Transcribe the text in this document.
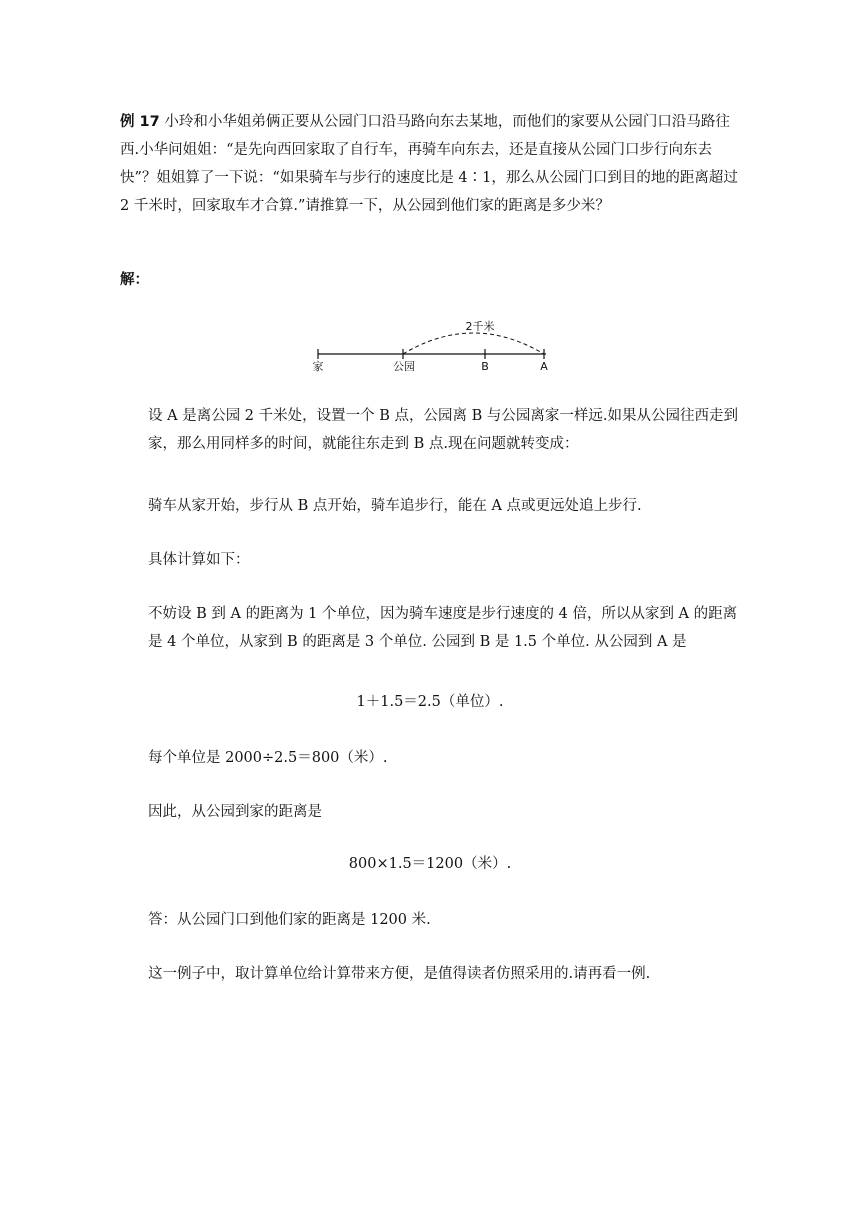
例 17 小玲和小华姐弟俩正要从公园门口沿马路向东去某地，而他们的家要从公园门口沿马路往西.小华问姐姐：“是先向西回家取了自行车，再骑车向东去，还是直接从公园门口步行向东去快”？姐姐算了一下说：“如果骑车与步行的速度比是 4∶1，那么从公园门口到目的地的距离超过 2 千米时，回家取车才合算.”请推算一下，从公园到他们家的距离是多少米？

解：

2千米
家	公园	B	A

设 A 是离公园 2 千米处，设置一个 B 点，公园离 B 与公园离家一样远.如果从公园往西走到家，那么用同样多的时间，就能往东走到 B 点.现在问题就转变成：

骑车从家开始，步行从 B 点开始，骑车追步行，能在 A 点或更远处追上步行.

具体计算如下：

不妨设 B 到 A 的距离为 1 个单位，因为骑车速度是步行速度的 4 倍，所以从家到 A 的距离是 4 个单位，从家到 B 的距离是 3 个单位. 公园到 B 是 1.5 个单位. 从公园到 A 是

1＋1.5＝2.5（单位）.

每个单位是 2000÷2.5＝800（米）.

因此，从公园到家的距离是

800×1.5＝1200（米）.

答：从公园门口到他们家的距离是 1200 米.

这一例子中，取计算单位给计算带来方便，是值得读者仿照采用的.请再看一例.
